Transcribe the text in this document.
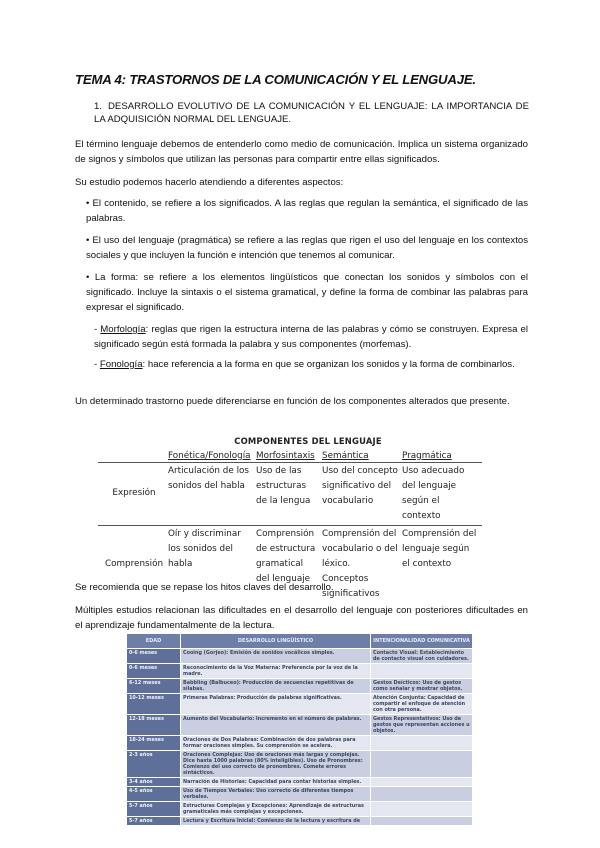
TEMA 4: TRASTORNOS DE LA COMUNICACIÓN Y EL LENGUAJE.
1. DESARROLLO EVOLUTIVO DE LA COMUNICACIÓN Y EL LENGUAJE: LA IMPORTANCIA DE LA ADQUISICIÓN NORMAL DEL LENGUAJE.
El término lenguaje debemos de entenderlo como medio de comunicación. Implica un sistema organizado de signos y símbolos que utilizan las personas para compartir entre ellas significados.
Su estudio podemos hacerlo atendiendo a diferentes aspectos:
• El contenido, se refiere a los significados. A las reglas que regulan la semántica, el significado de las palabras.
• El uso del lenguaje (pragmática) se refiere a las reglas que rigen el uso del lenguaje en los contextos sociales y que incluyen la función e intención que tenemos al comunicar.
• La forma: se refiere a los elementos lingüísticos que conectan los sonidos y símbolos con el significado. Incluye la sintaxis o el sistema gramatical, y define la forma de combinar las palabras para expresar el significado.
- Morfología: reglas que rigen la estructura interna de las palabras y cómo se construyen. Expresa el significado según está formada la palabra y sus componentes (morfemas).
- Fonología: hace referencia a la forma en que se organizan los sonidos y la forma de combinarlos.
Un determinado trastorno puede diferenciarse en función de los componentes alterados que presente.
COMPONENTES DEL LENGUAJE
	Fonética/Fonología	Morfosintaxis	Semántica	Pragmática
Expresión	Articulación de los sonidos del habla	Uso de las estructuras de la lengua	Uso del concepto significativo del vocabulario	Uso adecuado del lenguaje según el contexto
Comprensión	Oír y discriminar los sonidos del habla	Comprensión de estructura gramatical del lenguaje	Comprensión del vocabulario o del léxico. Conceptos significativos	Comprensión del lenguaje según el contexto
Se recomienda que se repase los hitos claves del desarrollo.
Múltiples estudios relacionan las dificultades en el desarrollo del lenguaje con posteriores dificultades en el aprendizaje fundamentalmente de la lectura.
EDAD	DESARROLLO LINGÜÍSTICO	INTENCIONALIDAD COMUNICATIVA
0-6 meses	Cooing (Gorjeo): Emisión de sonidos vocálicos simples.	Contacto Visual: Establecimiento de contacto visual con cuidadores.
0-6 meses	Reconocimiento de la Voz Materna: Preferencia por la voz de la madre.	
6-12 meses	Babbling (Balbuceo): Producción de secuencias repetitivas de sílabas.	Gestos Deícticos: Uso de gestos como señalar y mostrar objetos.
10-12 meses	Primeras Palabras: Producción de palabras significativas.	Atención Conjunta: Capacidad de compartir el enfoque de atención con otra persona.
12-18 meses	Aumento del Vocabulario: Incremento en el número de palabras.	Gestos Representativos: Uso de gestos que representan acciones u objetos.
18-24 meses	Oraciones de Dos Palabras: Combinación de dos palabras para formar oraciones simples. Su comprensión se acelera.	
2-3 años	Oraciones Complejas: Uso de oraciones más largas y complejas. Dice hasta 1000 palabras (80% inteligibles). Uso de Pronombres: Comienzo del uso correcto de pronombres. Comete errores sintácticos.	
3-4 años	Narración de Historias: Capacidad para contar historias simples.	
4-5 años	Uso de Tiempos Verbales: Uso correcto de diferentes tiempos verbales.	
5-7 años	Estructuras Complejas y Excepciones: Aprendizaje de estructuras gramaticales más complejas y excepciones.	
5-7 años	Lectura y Escritura Inicial: Comienzo de la lectura y escritura de	
